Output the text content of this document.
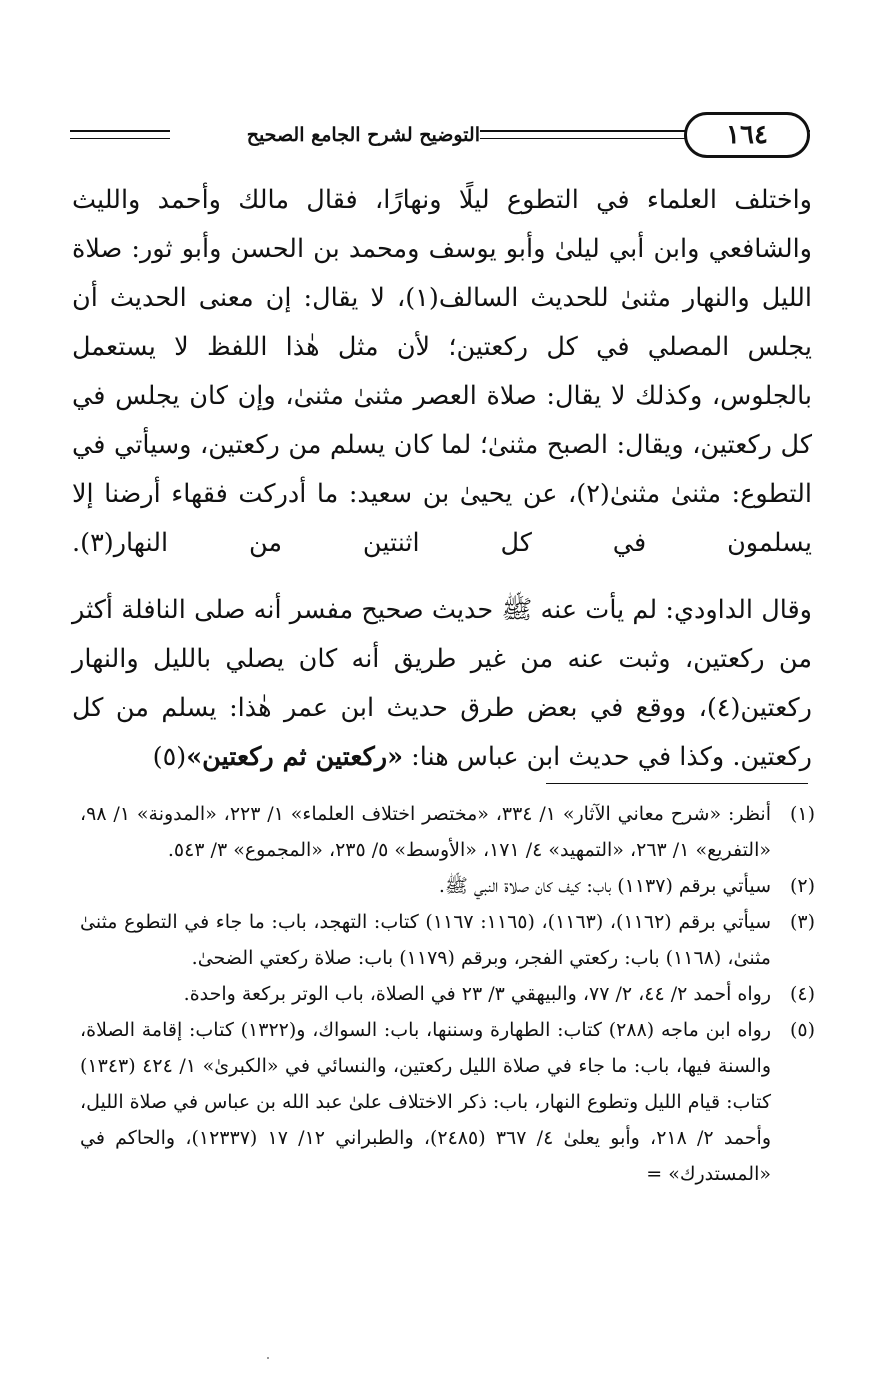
التوضيح لشرح الجامع الصحيح	١٦٤

واختلف العلماء في التطوع ليلًا ونهارًا، فقال مالك وأحمد والليث والشافعي وابن أبي ليلىٰ وأبو يوسف ومحمد بن الحسن وأبو ثور: صلاة الليل والنهار مثنىٰ للحديث السالف(١)، لا يقال: إن معنى الحديث أن يجلس المصلي في كل ركعتين؛ لأن مثل هٰذا اللفظ لا يستعمل بالجلوس، وكذلك لا يقال: صلاة العصر مثنىٰ مثنىٰ، وإن كان يجلس في كل ركعتين، ويقال: الصبح مثنىٰ؛ لما كان يسلم من ركعتين، وسيأتي في التطوع: مثنىٰ مثنىٰ(٢)، عن يحيىٰ بن سعيد: ما أدركت فقهاء أرضنا إلا يسلمون في كل اثنتين من النهار(٣).

وقال الداودي: لم يأت عنه ﷺ حديث صحيح مفسر أنه صلى النافلة أكثر من ركعتين، وثبت عنه من غير طريق أنه كان يصلي بالليل والنهار ركعتين(٤)، ووقع في بعض طرق حديث ابن عمر هٰذا: يسلم من كل ركعتين. وكذا في حديث ابن عباس هنا: «ركعتين ثم ركعتين»(٥)

(١)
أنظر: «شرح معاني الآثار» ١/ ٣٣٤، «مختصر اختلاف العلماء» ١/ ٢٢٣، «المدونة» ١/ ٩٨، «التفريع» ١/ ٢٦٣، «التمهيد» ٤/ ١٧١، «الأوسط» ٥/ ٢٣٥، «المجموع» ٣/ ٥٤٣.
(٢)
سيأتي برقم (١١٣٧) باب: كيف كان صلاة النبي ﷺ.
(٣)
سيأتي برقم (١١٦٢)، (١١٦٣)، (١١٦٥: ١١٦٧) كتاب: التهجد، باب: ما جاء في التطوع مثنىٰ مثنىٰ، (١١٦٨) باب: ركعتي الفجر، وبرقم (١١٧٩) باب: صلاة ركعتي الضحىٰ.
(٤)
رواه أحمد ٢/ ٤٤، ٢/ ٧٧، والبيهقي ٣/ ٢٣ في الصلاة، باب الوتر بركعة واحدة.
(٥)
رواه ابن ماجه (٢٨٨) كتاب: الطهارة وسننها، باب: السواك، و(١٣٢٢) كتاب: إقامة الصلاة، والسنة فيها، باب: ما جاء في صلاة الليل ركعتين، والنسائي في «الكبرىٰ» ١/ ٤٢٤ (١٣٤٣) كتاب: قيام الليل وتطوع النهار، باب: ذكر الاختلاف علىٰ عبد الله بن عباس في صلاة الليل، وأحمد ٢/ ٢١٨، وأبو يعلىٰ ٤/ ٣٦٧ (٢٤٨٥)، والطبراني ١٢/ ١٧ (١٢٣٣٧)، والحاكم في «المستدرك» =
